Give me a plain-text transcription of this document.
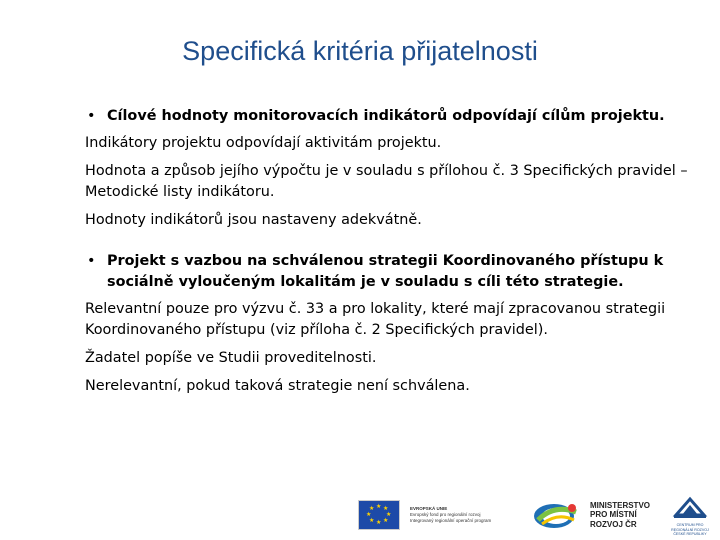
Specifická kritéria přijatelnosti
• Cílové hodnoty monitorovacích indikátorů odpovídají cílům projektu.
Indikátory projektu odpovídají aktivitám projektu.
Hodnota a způsob jejího výpočtu je v souladu s přílohou č. 3 Specifických pravidel – Metodické listy indikátoru.
Hodnoty indikátorů jsou nastaveny adekvátně.
• Projekt s vazbou na schválenou strategii Koordinovaného přístupu k sociálně vyloučeným lokalitám je v souladu s cíli této strategie.
Relevantní pouze pro výzvu č. 33 a pro lokality, které mají zpracovanou strategii Koordinovaného přístupu (viz příloha č. 2 Specifických pravidel).
Žadatel popíše ve Studii proveditelnosti.
Nerelevantní, pokud taková strategie není schválena.
★ ★
★
★
★
★
★
★	EVROPSKÁ UNIE
Evropský fond pro regionální rozvoj
Integrovaný regionální operační program
MINISTERSTVO
PRO MÍSTNÍ
ROZVOJ ČR	CENTRUM PRO REGIONÁLNÍ ROZVOJ ČESKÉ REPUBLIKY
